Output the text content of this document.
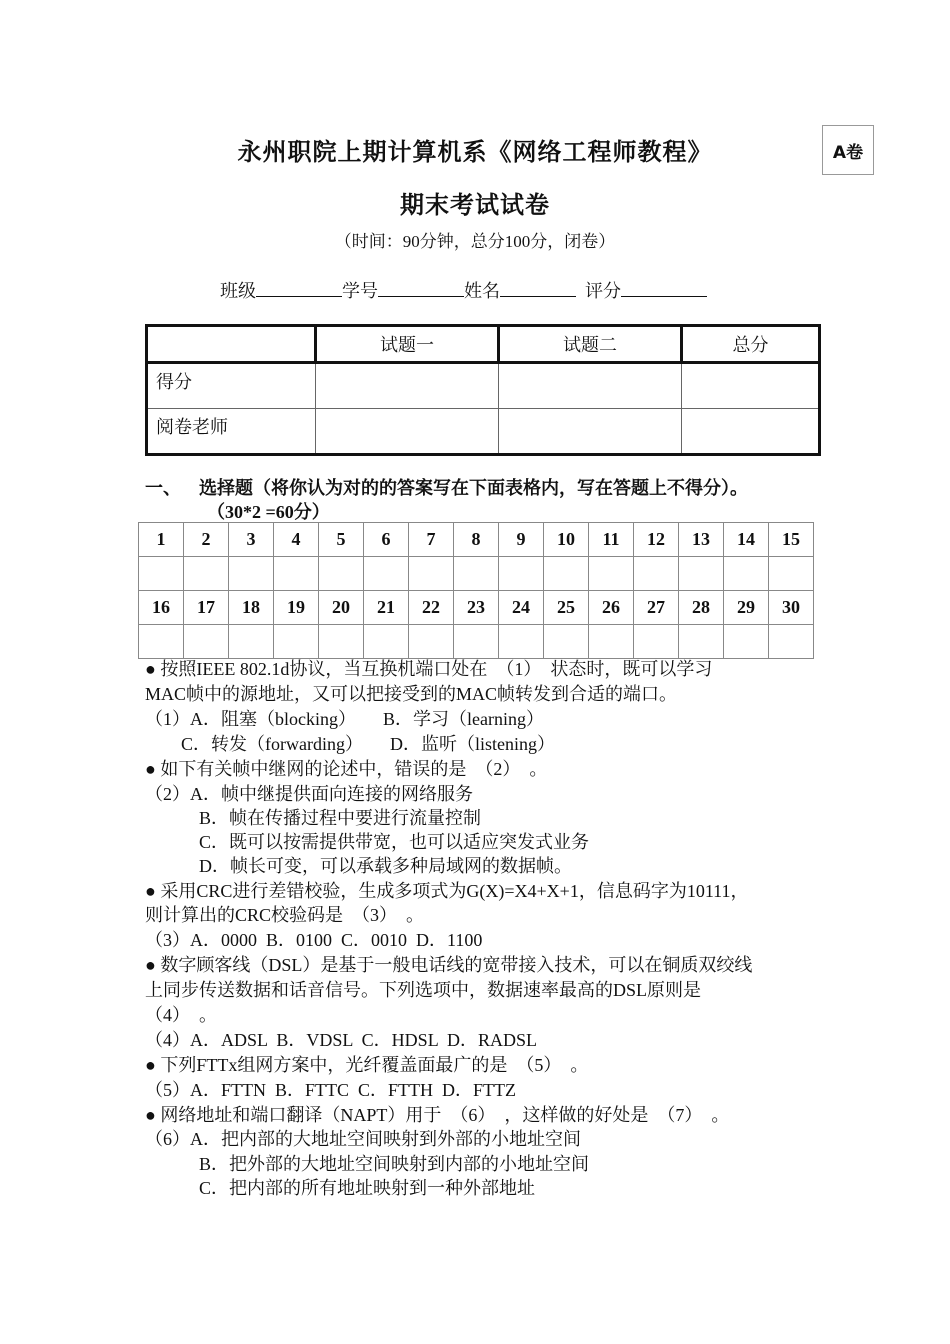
永州职院上期计算机系《网络工程师教程》	A卷
期末考试试卷
（时间：90分钟，总分100分，闭卷）
班级	学号	姓名	评分
	试题一	试题二	总分
得分			
阅卷老师			
一、 选择题（将你认为对的的答案写在下面表格内，写在答题上不得分）。
（30*2 =60分）
1	2	3	4	5	6	7	8	9	10	11	12	13	14	15

16	17	18	19	20	21	22	23	24	25	26	27	28	29	30

● 按照IEEE 802.1d协议，当互换机端口处在　（1）　状态时，既可以学习
MAC帧中的源地址，又可以把接受到的MAC帧转发到合适的端口。
（1）A．阻塞（blocking）　　B．学习（learning）
　　C．转发（forwarding）　　D．监听（listening）
● 如下有关帧中继网的论述中，错误的是　（2）　。
（2）A．帧中继提供面向连接的网络服务
　　　B．帧在传播过程中要进行流量控制
　　　C．既可以按需提供带宽，也可以适应突发式业务
　　　D．帧长可变，可以承载多种局域网的数据帧。
● 采用CRC进行差错校验，生成多项式为G(X)=X4+X+1，信息码字为10111，
则计算出的CRC校验码是　（3）　。
（3）A．0000  B．0100  C．0010  D．1100
● 数字顾客线（DSL）是基于一般电话线的宽带接入技术，可以在铜质双绞线
上同步传送数据和话音信号。下列选项中，数据速率最高的DSL原则是
（4）　。
（4）A．ADSL  B．VDSL  C．HDSL  D．RADSL
● 下列FTTx组网方案中，光纤覆盖面最广的是　（5）　。
（5）A．FTTN  B．FTTC  C．FTTH  D．FTTZ
● 网络地址和端口翻译（NAPT）用于　（6）　，这样做的好处是　（7）　。
（6）A．把内部的大地址空间映射到外部的小地址空间
　　　B．把外部的大地址空间映射到内部的小地址空间
　　　C．把内部的所有地址映射到一种外部地址
